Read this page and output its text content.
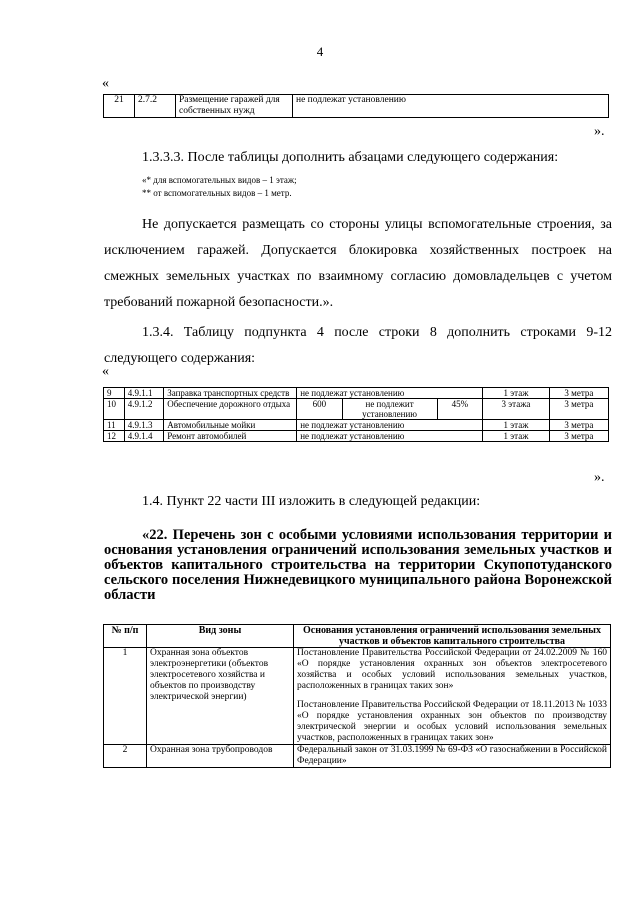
4
«
21	2.7.2	Размещение гаражей для собственных нужд	не подлежат установлению
».
1.3.3.3. После таблицы дополнить абзацами следующего содержания:
«* для вспомогательных видов – 1 этаж;
** от вспомогательных видов – 1 метр.
Не допускается размещать со стороны улицы вспомогательные строения, за исключением гаражей. Допускается блокировка хозяйственных построек на смежных земельных участках по взаимному согласию домовладельцев с учетом требований пожарной безопасности.».
1.3.4. Таблицу подпункта 4 после строки 8 дополнить строками 9-12 следующего содержания:
«
9	4.9.1.1	Заправка транспортных средств	не подлежат установлению			1 этаж	3 метра
10	4.9.1.2	Обеспечение дорожного отдыха	600	не подлежит установлению	45%	3 этажа	3 метра
11	4.9.1.3	Автомобильные мойки	не подлежат установлению			1 этаж	3 метра
12	4.9.1.4	Ремонт автомобилей	не подлежат установлению			1 этаж	3 метра
».
1.4. Пункт 22 части III изложить в следующей редакции:
«22. Перечень зон с особыми условиями использования территории и основания установления ограничений использования земельных участков и объектов капитального строительства на территории Скупопотуданского сельского поселения Нижнедевицкого муниципального района Воронежской области
№ п/п	Вид зоны	Основания установления ограничений использования земельных участков и объектов капитального строительства
1	Охранная зона объектов электроэнергетики (объектов электросетевого хозяйства и объектов по производству электрической энергии)	Постановление Правительства Российской Федерации от 24.02.2009 № 160 «О порядке установления охранных зон объектов электросетевого хозяйства и особых условий использования земельных участков, расположенных в границах таких зон»
Постановление Правительства Российской Федерации от 18.11.2013 № 1033 «О порядке установления охранных зон объектов по производству электрической энергии и особых условий использования земельных участков, расположенных в границах таких зон»

2	Охранная зона трубопроводов	Федеральный закон от 31.03.1999 № 69-ФЗ «О газоснабжении в Российской Федерации»
